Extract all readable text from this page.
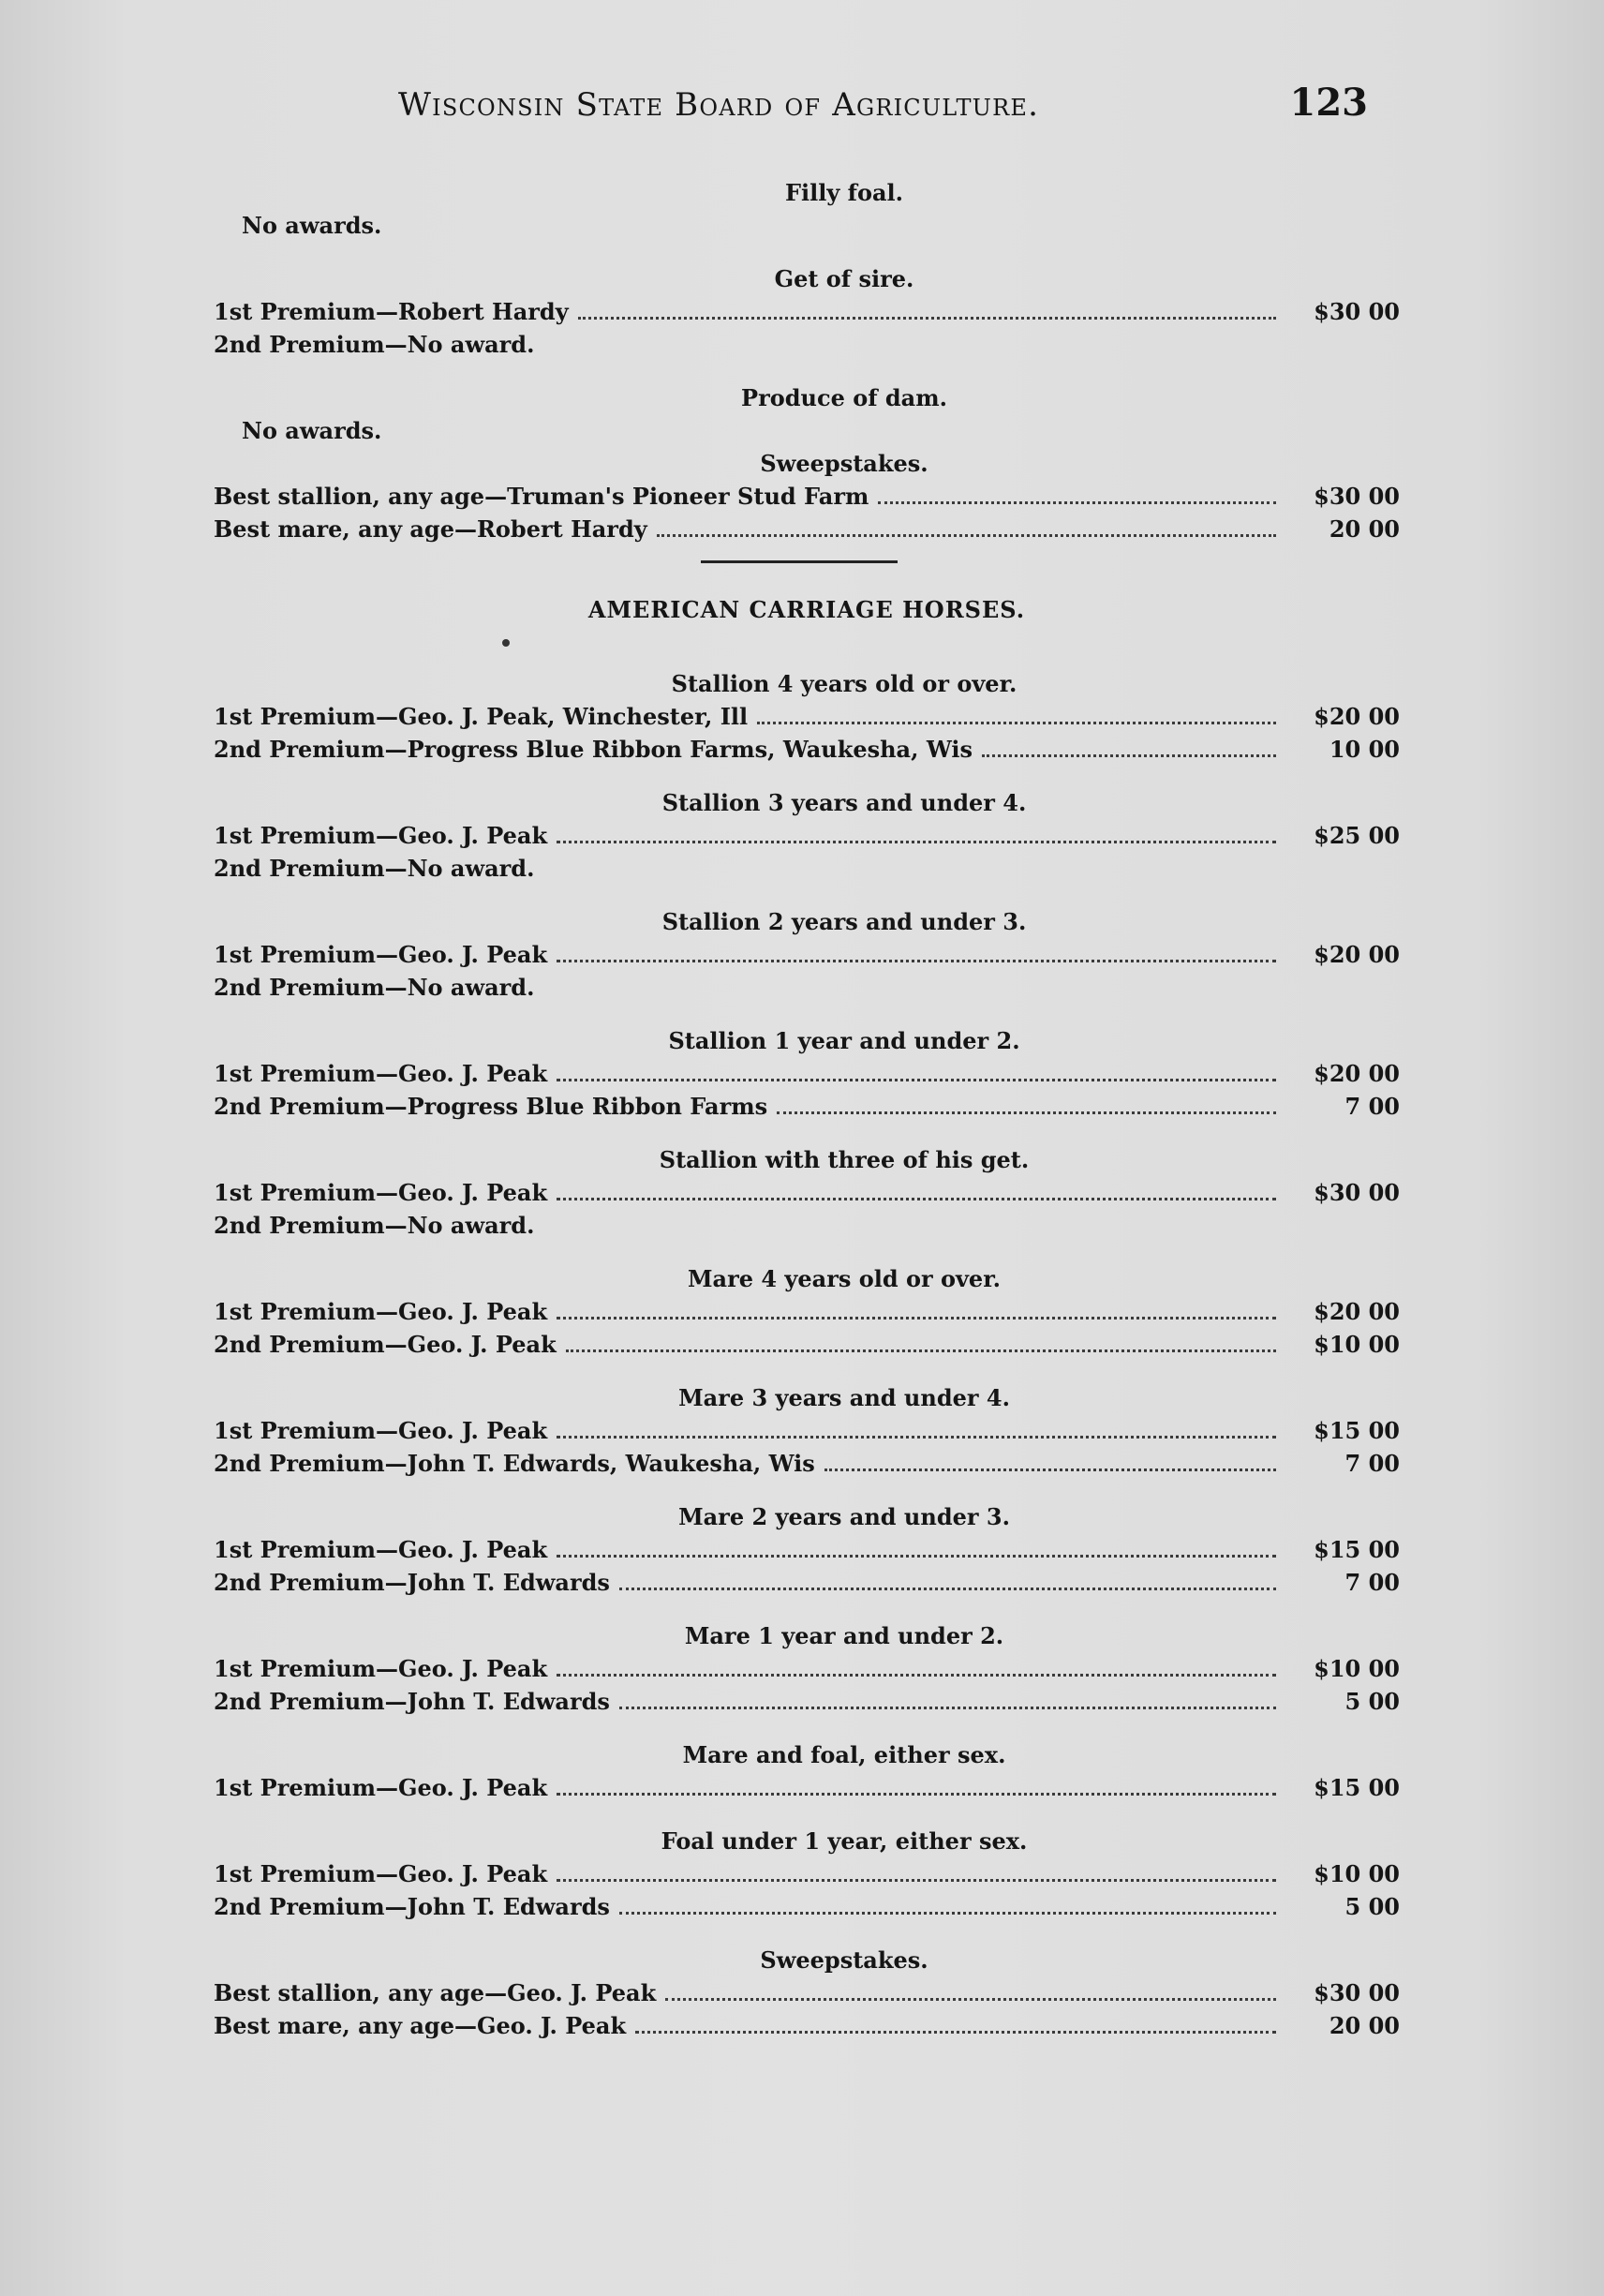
Wisconsin State Board of Agriculture.	123
Filly foal.
No awards.
Get of sire.
1st Premium—Robert Hardy	$30 00
2nd Premium—No award.
Produce of dam.
No awards.
Sweepstakes.
Best stallion, any age—Truman's Pioneer Stud Farm	$30 00
Best mare, any age—Robert Hardy	20 00
AMERICAN CARRIAGE HORSES.
Stallion 4 years old or over.
1st Premium—Geo. J. Peak, Winchester, Ill	$20 00
2nd Premium—Progress Blue Ribbon Farms, Waukesha, Wis	10 00
Stallion 3 years and under 4.
1st Premium—Geo. J. Peak	$25 00
2nd Premium—No award.
Stallion 2 years and under 3.
1st Premium—Geo. J. Peak	$20 00
2nd Premium—No award.
Stallion 1 year and under 2.
1st Premium—Geo. J. Peak	$20 00
2nd Premium—Progress Blue Ribbon Farms	7 00
Stallion with three of his get.
1st Premium—Geo. J. Peak	$30 00
2nd Premium—No award.
Mare 4 years old or over.
1st Premium—Geo. J. Peak	$20 00
2nd Premium—Geo. J. Peak	$10 00
Mare 3 years and under 4.
1st Premium—Geo. J. Peak	$15 00
2nd Premium—John T. Edwards, Waukesha, Wis	7 00
Mare 2 years and under 3.
1st Premium—Geo. J. Peak	$15 00
2nd Premium—John T. Edwards	7 00
Mare 1 year and under 2.
1st Premium—Geo. J. Peak	$10 00
2nd Premium—John T. Edwards	5 00
Mare and foal, either sex.
1st Premium—Geo. J. Peak	$15 00
Foal under 1 year, either sex.
1st Premium—Geo. J. Peak	$10 00
2nd Premium—John T. Edwards	5 00
Sweepstakes.
Best stallion, any age—Geo. J. Peak	$30 00
Best mare, any age—Geo. J. Peak	20 00
